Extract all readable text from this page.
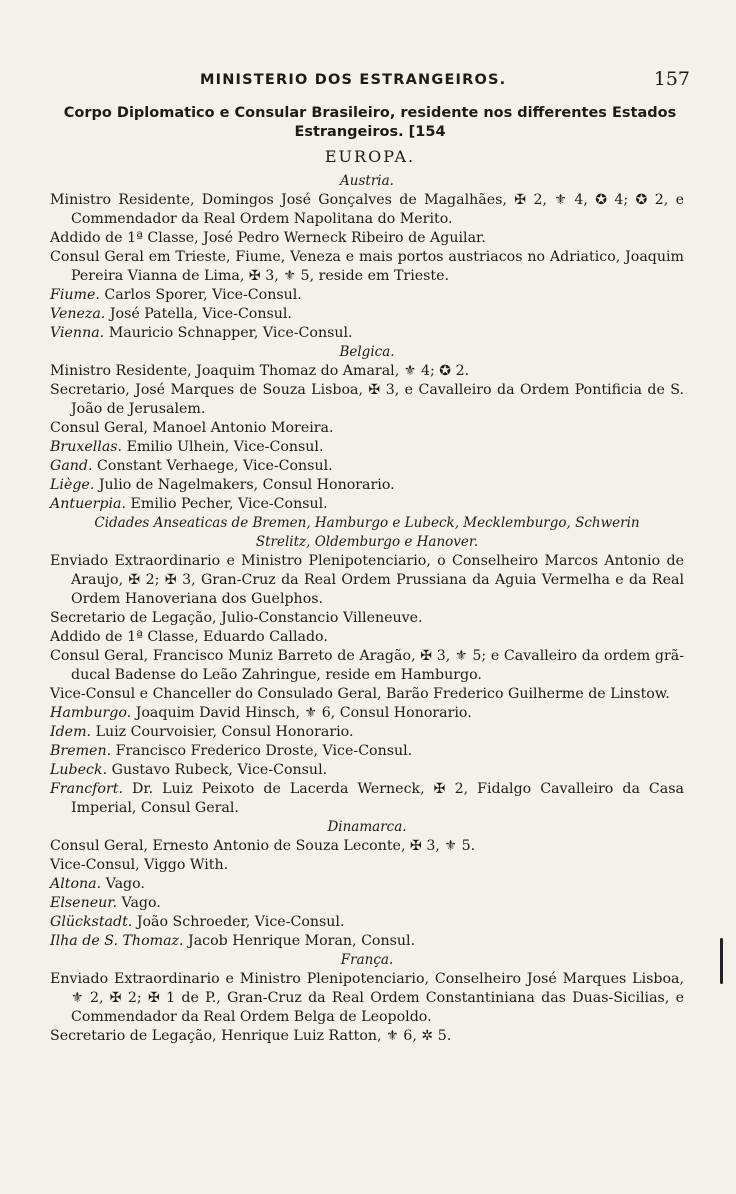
MINISTERIO DOS ESTRANGEIROS.	157
Corpo Diplomatico e Consular Brasileiro, residente nos differentes Estados
Estrangeiros. [154
EUROPA.
Austria.
Ministro Residente, Domingos José Gonçalves de Magalhães, ✠ 2, ⚜ 4, ✪ 4; ✪ 2, e Commendador da Real Ordem Napolitana do Merito.
Addido de 1ª Classe, José Pedro Werneck Ribeiro de Aguilar.
Consul Geral em Trieste, Fiume, Veneza e mais portos austriacos no Adriatico, Joaquim Pereira Vianna de Lima, ✠ 3, ⚜ 5, reside em Trieste.
Fiume. Carlos Sporer, Vice-Consul.
Veneza. José Patella, Vice-Consul.
Vienna. Mauricio Schnapper, Vice-Consul.
Belgica.
Ministro Residente, Joaquim Thomaz do Amaral, ⚜ 4; ✪ 2.
Secretario, José Marques de Souza Lisboa, ✠ 3, e Cavalleiro da Ordem Pontificia de S. João de Jerusalem.
Consul Geral, Manoel Antonio Moreira.
Bruxellas. Emilio Ulhein, Vice-Consul.
Gand. Constant Verhaege, Vice-Consul.
Liège. Julio de Nagelmakers, Consul Honorario.
Antuerpia. Emilio Pecher, Vice-Consul.
Cidades Anseaticas de Bremen, Hamburgo e Lubeck, Mecklemburgo, Schwerin
Strelitz, Oldemburgo e Hanover.
Enviado Extraordinario e Ministro Plenipotenciario, o Conselheiro Marcos Antonio de Araujo, ✠ 2; ✠ 3, Gran-Cruz da Real Ordem Prussiana da Aguia Vermelha e da Real Ordem Hanoveriana dos Guelphos.
Secretario de Legação, Julio-Constancio Villeneuve.
Addido de 1ª Classe, Eduardo Callado.
Consul Geral, Francisco Muniz Barreto de Aragão, ✠ 3, ⚜ 5; e Cavalleiro da ordem grã-ducal Badense do Leão Zahringue, reside em Hamburgo.
Vice-Consul e Chanceller do Consulado Geral, Barão Frederico Guilherme de Linstow.
Hamburgo. Joaquim David Hinsch, ⚜ 6, Consul Honorario.
Idem. Luiz Courvoisier, Consul Honorario.
Bremen. Francisco Frederico Droste, Vice-Consul.
Lubeck. Gustavo Rubeck, Vice-Consul.
Francfort. Dr. Luiz Peixoto de Lacerda Werneck, ✠ 2, Fidalgo Cavalleiro da Casa Imperial, Consul Geral.
Dinamarca.
Consul Geral, Ernesto Antonio de Souza Leconte, ✠ 3, ⚜ 5.
Vice-Consul, Viggo With.
Altona. Vago.
Elseneur. Vago.
Glückstadt. João Schroeder, Vice-Consul.
Ilha de S. Thomaz. Jacob Henrique Moran, Consul.
França.
Enviado Extraordinario e Ministro Plenipotenciario, Conselheiro José Marques Lisboa, ⚜ 2, ✠ 2; ✠ 1 de P., Gran-Cruz da Real Ordem Constantiniana das Duas-Sicilias, e Commendador da Real Ordem Belga de Leopoldo.
Secretario de Legação, Henrique Luiz Ratton, ⚜ 6, ✲ 5.
